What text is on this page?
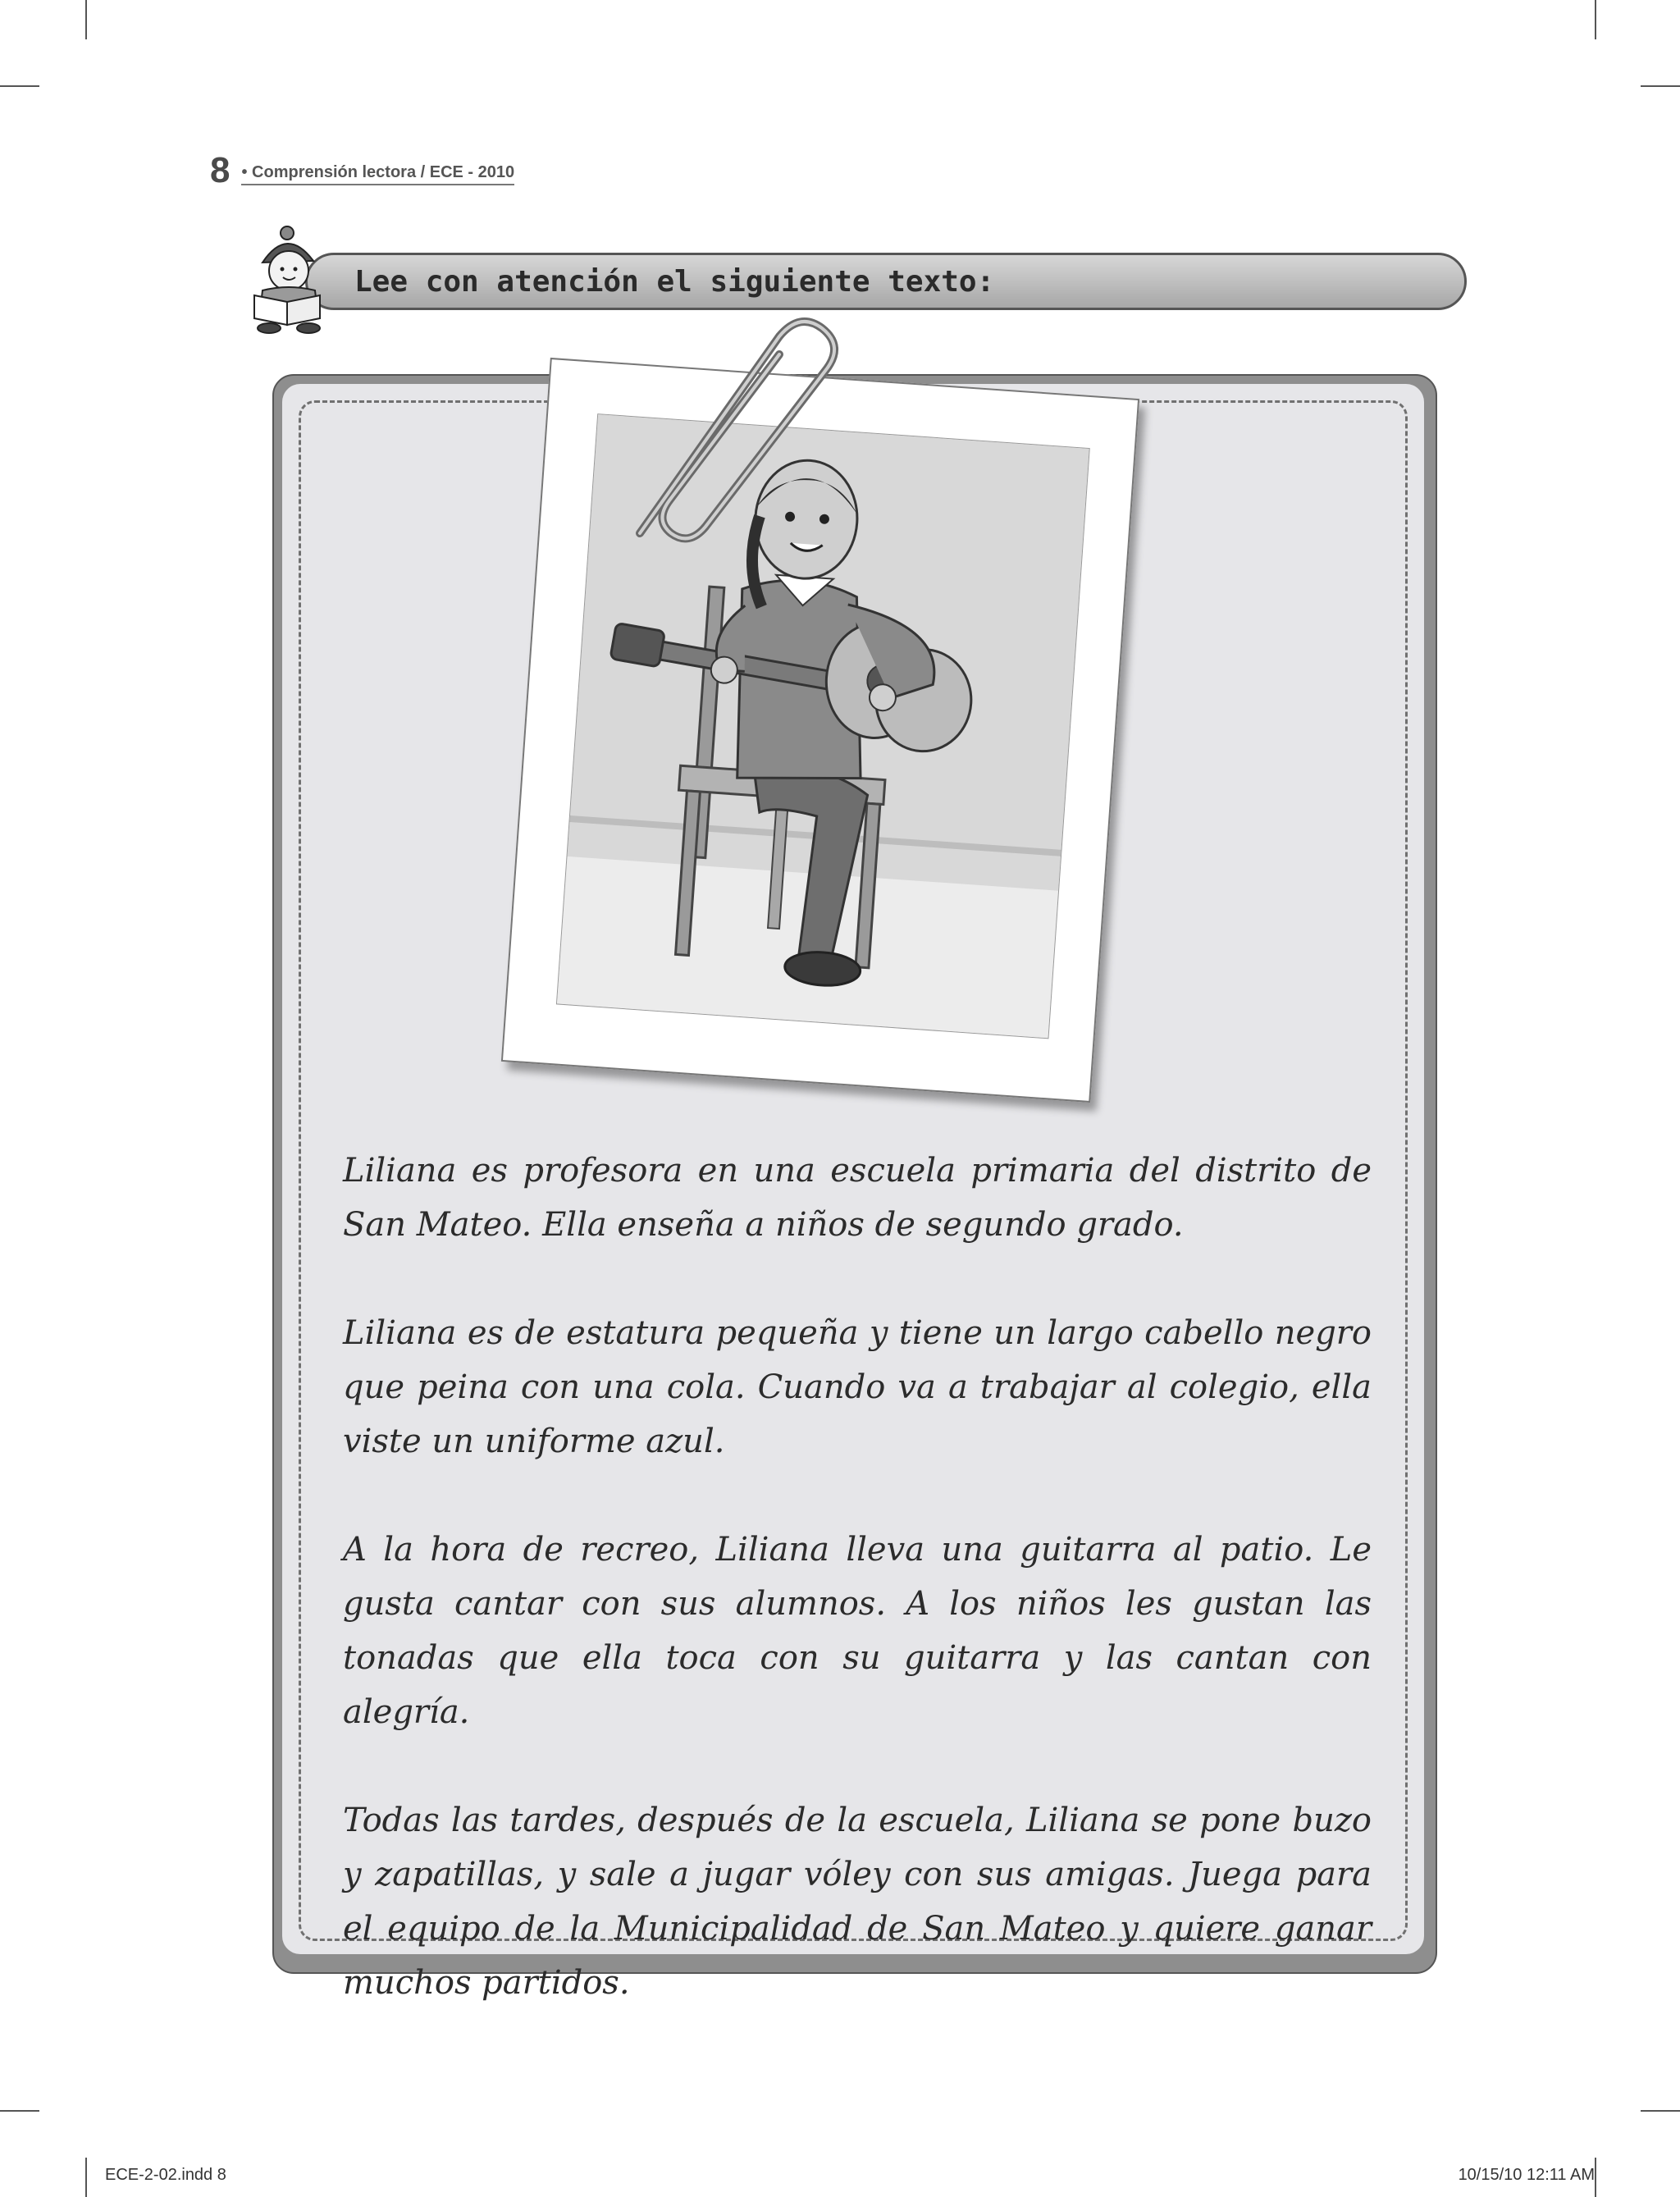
8 • Comprensión lectora / ECE - 2010
Lee con atención el siguiente texto:

Liliana es profesora en una escuela primaria del distrito de San Mateo. Ella enseña a niños de segundo grado.

Liliana es de estatura pequeña y tiene un largo cabello negro que peina con una cola. Cuando va a trabajar al colegio, ella viste un uniforme azul.

A la hora de recreo, Liliana lleva una guitarra al patio. Le gusta cantar con sus alumnos. A los niños les gustan las tonadas que ella toca con su guitarra y las cantan con alegría.

Todas las tardes, después de la escuela, Liliana se pone buzo y zapatillas, y sale a jugar vóley con sus amigas. Juega para el equipo de la Municipalidad de San Mateo y quiere ganar muchos partidos.

ECE-2-02.indd 8	10/15/10 12:11 AM
